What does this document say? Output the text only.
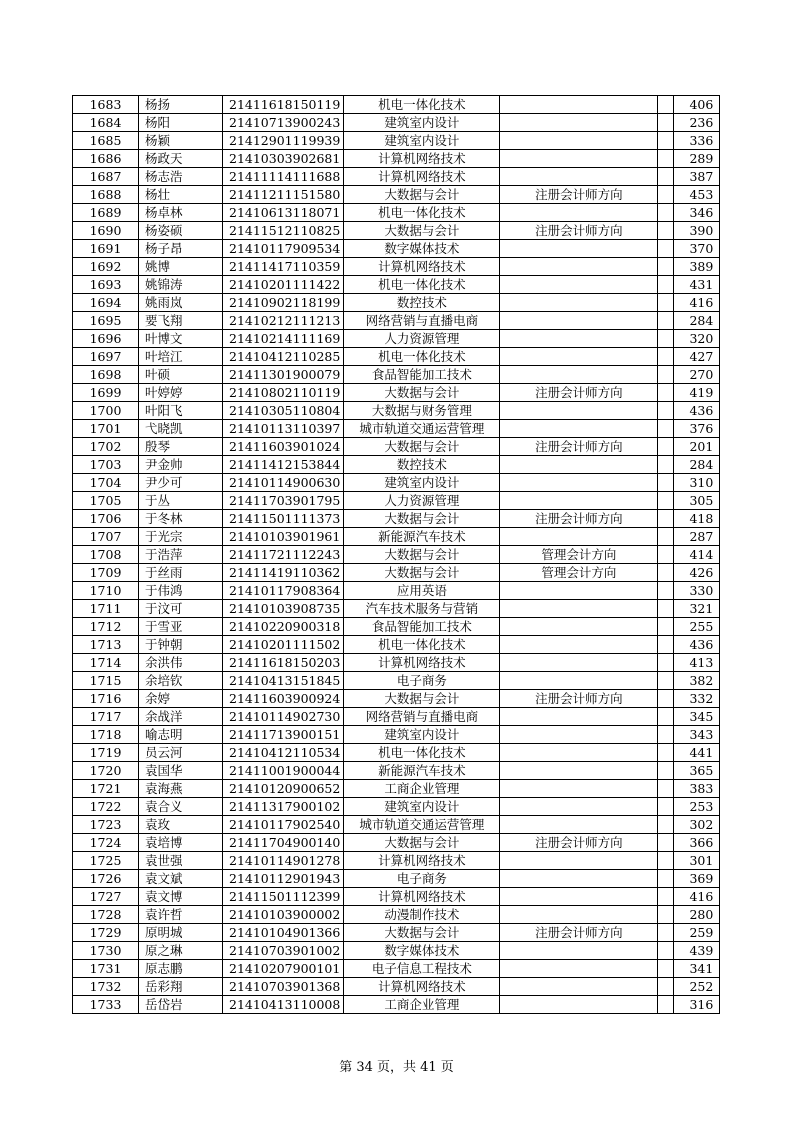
1683	杨扬	21411618150119	机电一体化技术			406
1684	杨阳	21410713900243	建筑室内设计			236
1685	杨颖	21412901119939	建筑室内设计			336
1686	杨政天	21410303902681	计算机网络技术			289
1687	杨志浩	21411114111688	计算机网络技术			387
1688	杨壮	21411211151580	大数据与会计	注册会计师方向		453
1689	杨卓林	21410613118071	机电一体化技术			346
1690	杨姿硕	21411512110825	大数据与会计	注册会计师方向		390
1691	杨子昂	21410117909534	数字媒体技术			370
1692	姚博	21411417110359	计算机网络技术			389
1693	姚锦涛	21410201111422	机电一体化技术			431
1694	姚雨岚	21410902118199	数控技术			416
1695	要飞翔	21410212111213	网络营销与直播电商			284
1696	叶博文	21410214111169	人力资源管理			320
1697	叶培江	21410412110285	机电一体化技术			427
1698	叶硕	21411301900079	食品智能加工技术			270
1699	叶婷婷	21410802110119	大数据与会计	注册会计师方向		419
1700	叶阳飞	21410305110804	大数据与财务管理			436
1701	弋晓凯	21410113110397	城市轨道交通运营管理			376
1702	殷琴	21411603901024	大数据与会计	注册会计师方向		201
1703	尹金帅	21411412153844	数控技术			284
1704	尹少可	21410114900630	建筑室内设计			310
1705	于丛	21411703901795	人力资源管理			305
1706	于冬林	21411501111373	大数据与会计	注册会计师方向		418
1707	于光宗	21410103901961	新能源汽车技术			287
1708	于浩萍	21411721112243	大数据与会计	管理会计方向		414
1709	于丝雨	21411419110362	大数据与会计	管理会计方向		426
1710	于伟鸿	21410117908364	应用英语			330
1711	于汶可	21410103908735	汽车技术服务与营销			321
1712	于雪亚	21410220900318	食品智能加工技术			255
1713	于钟朝	21410201111502	机电一体化技术			436
1714	余洪伟	21411618150203	计算机网络技术			413
1715	余培钦	21410413151845	电子商务			382
1716	余婷	21411603900924	大数据与会计	注册会计师方向		332
1717	余战洋	21410114902730	网络营销与直播电商			345
1718	喻志明	21411713900151	建筑室内设计			343
1719	员云河	21410412110534	机电一体化技术			441
1720	袁国华	21411001900044	新能源汽车技术			365
1721	袁海燕	21410120900652	工商企业管理			383
1722	袁合义	21411317900102	建筑室内设计			253
1723	袁玫	21410117902540	城市轨道交通运营管理			302
1724	袁培博	21411704900140	大数据与会计	注册会计师方向		366
1725	袁世强	21410114901278	计算机网络技术			301
1726	袁文斌	21410112901943	电子商务			369
1727	袁文博	21411501112399	计算机网络技术			416
1728	袁许哲	21410103900002	动漫制作技术			280
1729	原明城	21410104901366	大数据与会计	注册会计师方向		259
1730	原之琳	21410703901002	数字媒体技术			439
1731	原志鹏	21410207900101	电子信息工程技术			341
1732	岳彩翔	21410703901368	计算机网络技术			252
1733	岳岱岩	21410413110008	工商企业管理			316
第 34 页，共 41 页
